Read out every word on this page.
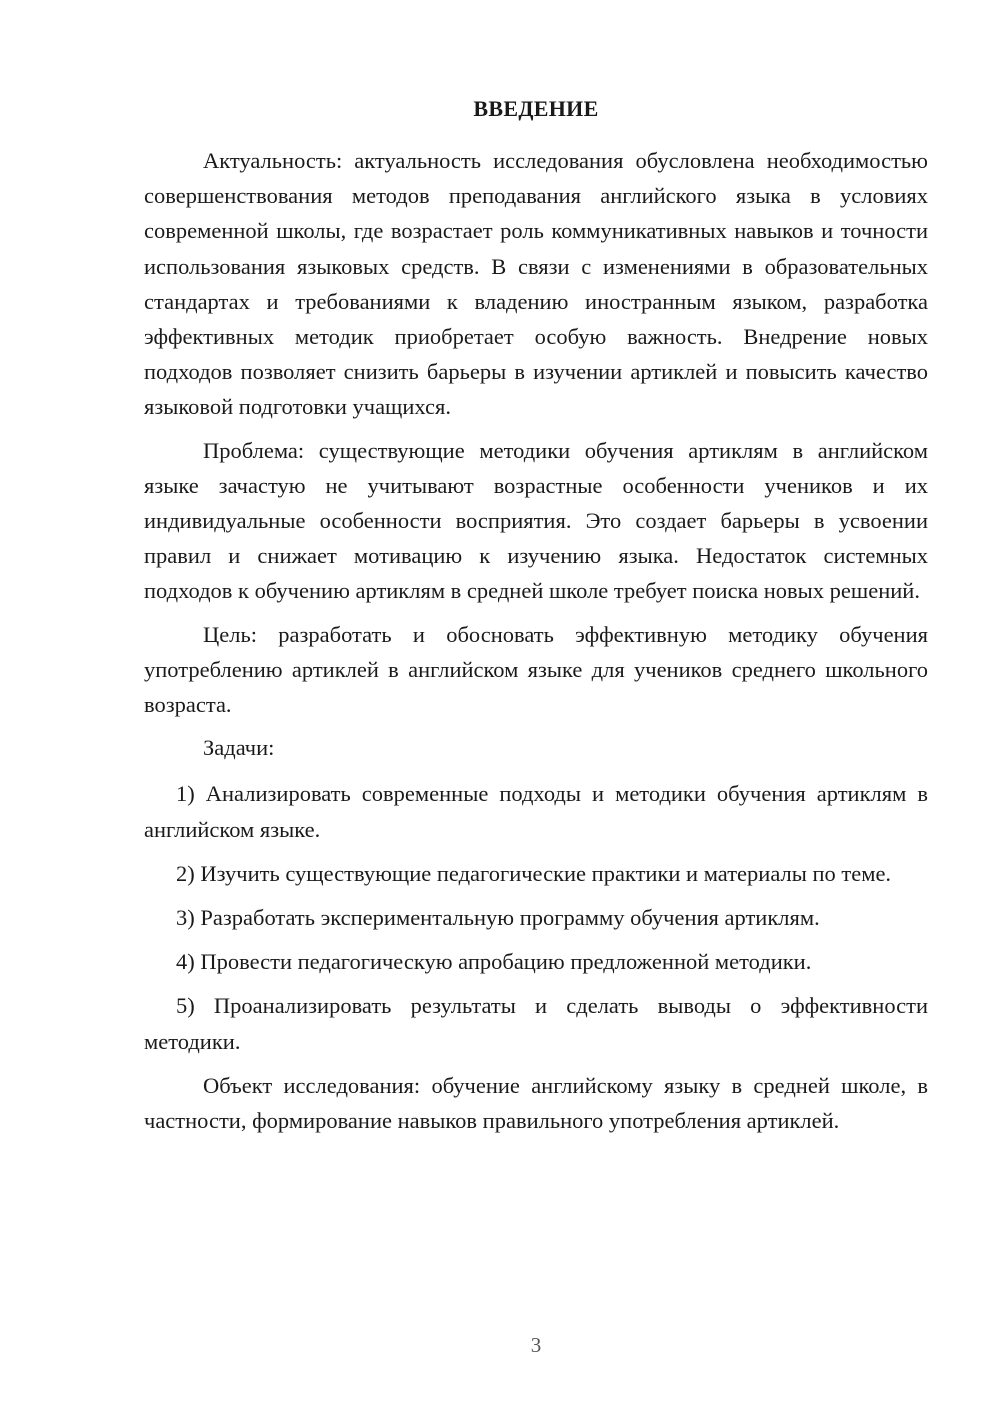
ВВЕДЕНИЕ

Актуальность: актуальность исследования обусловлена необходимостью совершенствования методов преподавания английского языка в условиях современной школы, где возрастает роль коммуникативных навыков и точности использования языковых средств. В связи с изменениями в образовательных стандартах и требованиями к владению иностранным языком, разработка эффективных методик приобретает особую важность. Внедрение новых подходов позволяет снизить барьеры в изучении артиклей и повысить качество языковой подготовки учащихся.

Проблема: существующие методики обучения артиклям в английском языке зачастую не учитывают возрастные особенности учеников и их индивидуальные особенности восприятия. Это создает барьеры в усвоении правил и снижает мотивацию к изучению языка. Недостаток системных подходов к обучению артиклям в средней школе требует поиска новых решений.

Цель: разработать и обосновать эффективную методику обучения употреблению артиклей в английском языке для учеников среднего школьного возраста.

Задачи:

1) Анализировать современные подходы и методики обучения артиклям в английском языке.

2) Изучить существующие педагогические практики и материалы по теме.

3) Разработать экспериментальную программу обучения артиклям.

4) Провести педагогическую апробацию предложенной методики.

5) Проанализировать результаты и сделать выводы о эффективности методики.

Объект исследования: обучение английскому языку в средней школе, в частности, формирование навыков правильного употребления артиклей.

3
